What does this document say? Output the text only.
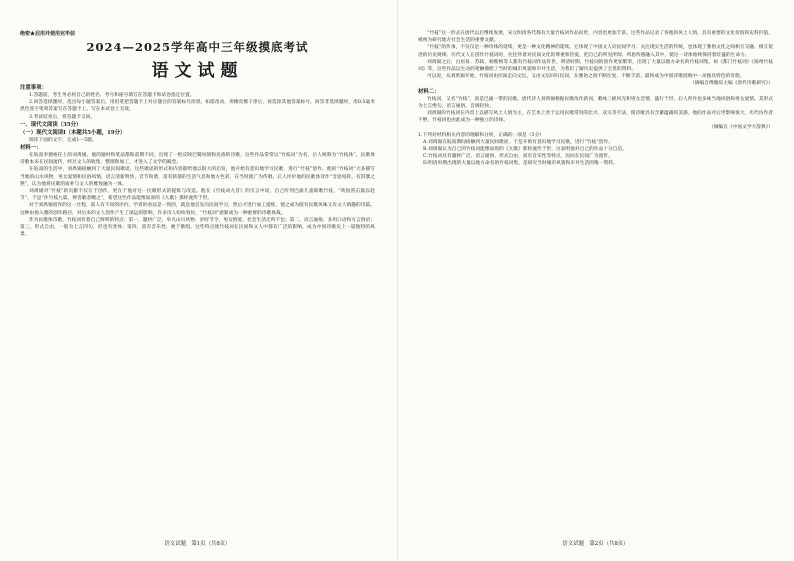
绝密★启用并使用完毕前

2024—2025学年高中三年级摸底考试
语文试题

注意事项：

1.答题前，考生务必将自己的姓名、考号和座号填写在答题卡和试卷指定位置。

2.回答选择题时，选出每小题答案后，用铅笔把答题卡上对应题目的答案标号涂黑。如需改动，用橡皮擦干净后，再选涂其他答案标号。回答非选择题时，用0.5毫米黑色签字笔将答案写在答题卡上。写在本试卷上无效。

3.考试结束后，将答题卡交回。

一、现代文阅读（35分）

（一）现代文阅读Ⅰ（本题共5小题，19分）

阅读下面的文字，完成1～5题。

材料一：

在皖南李德裕任上的刘禹锡，他的题材和笔法都和前期不同，出现了一批反映巴蜀风情和民俗的诗歌，这些作品常常以“竹枝词”为名，后人统称为“竹枝体”。民歌体诗歌本来在民间流传，经过文人的收集、整理和加工，才进入了文学的殿堂。

在皖南的生活中，刘禹锡接触到了大量民间歌谣，这些歌谣的形式和内容都给他以很大的启发，他开始有意识地学习民歌，进行“竹枝”创作。他的“竹枝词”大多描写当地的山水风物、男女爱情和民俗风情，语言清新明快，音节和谐，富有浓郁的生活气息和地方色彩，在当时就广为传唱。后人评价他的民歌体诗作“含思宛转，有淇濮之艳”，认为他将民歌的质朴与文人的雅致融为一体。

刘禹锡对“竹枝”的贡献不仅在于创作，更在于他对这一民歌形式的提炼与改造。他在《竹枝词九首》的引言中说，自己听到巴渝儿童联歌竹枝，“吹短笛击鼓以赴节”，于是“作竹枝九篇，俾善歌者飏之”，希望这些作品能像屈原的《九歌》那样流传于世。

对于刘禹锡创作的这一过程，前人有不同的评价。学者的看法是一致的，就是他首先向民间学习，然后才进行加工提炼，使之成为既有民歌风味又有文人情趣的诗篇。这种由俗入雅的创作路径，对后来的文人创作产生了深远的影响，许多诗人纷纷效仿，“竹枝词”逐渐成为一种重要的诗歌体裁。

作为民歌体诗歌，竹枝词有着自己鲜明的特点：第一，题材广泛，举凡山川风物、岁时节令、男女情爱、社会生活无所不包；第二，语言通俗，多用口语和方言俗语；第三，形式自由，一般为七言四句，但也有变体；第四，富有音乐性，便于歌唱。这些特点使竹枝词在民间和文人中都有广泛的影响，成为中国诗歌史上一道独特的风景。

语文试题　第1页（共8页）

“竹枝”这一形式在唐代以后继续发展，宋元明清各代都有大量竹枝词作品问世，内容也更加丰富。这些作品记录了各地的风土人情，具有重要的文化价值和史料价值，被视为研究地方社会生活的重要文献。

“竹枝”的传承，不仅仅是一种诗体的延续，更是一种文化精神的延续。它体现了中国文人向民间学习、关注现实生活的传统，也体现了雅俗文化之间相互交融、相互促进的历史规律。历代文人在创作竹枝词时，往往怀着对民间文化的尊重和热爱，把自己的所见所闻、所思所感融入其中，使这一诗体始终保持着旺盛的生命力。

刘禹锡之后，白居易、苏轼、杨维桢等人都有竹枝词作品传世。明清时期，竹枝词的创作更加繁荣，出现了大量以地方命名的竹枝词集，如《都门竹枝词》《扬州竹枝词》等，这些作品以生动的笔触描绘了当时的城市风貌和市井生活，为我们了解历史提供了宝贵的资料。

可以说，从刘禹锡开始，竹枝词由民间走向文坛，又由文坛回归民间，在雅俗之间不断往复、不断丰富，最终成为中国诗歌园地中一朵独具特色的奇葩。

（摘编自傅璇琮主编《唐代诗歌研究》）

材料二：

竹枝词，又名“竹枝”，原是巴渝一带的民歌。唐代诗人刘禹锡根据民歌改作新词，歌咏三峡风光和男女恋情，盛行于世。后人所作也多咏当地风俗和男女爱情。其形式为七言绝句，语言通俗，音调轻快。

刘禹锡的竹枝词在内容上以描写风土人情为主，在艺术上善于运用民歌常用的比兴、双关等手法，使诗歌具有含蓄蕴藉的美感。他的作品对后世影响很大，历代仿作者不绝，竹枝词也由此成为一种独立的诗体。

（摘编自《中国文学大辞典》）

1.下列对材料相关内容的理解和分析，正确的一项是（3分）

A.刘禹锡在皖南期间接触到大量民间歌谣，于是开始有意识地学习民歌，进行“竹枝”创作。

B.刘禹锡认为自己的竹枝词能像屈原的《九歌》那样流传于世，这表明他对自己的作品十分自信。

C.竹枝词具有题材广泛、语言通俗、形式自由、富有音乐性等特点，因而在民间广为流传。

D.明清时期出现的大量以地方命名的竹枝词集，是研究当时城市风貌和市井生活的唯一资料。

语文试题　第2页（共8页）
